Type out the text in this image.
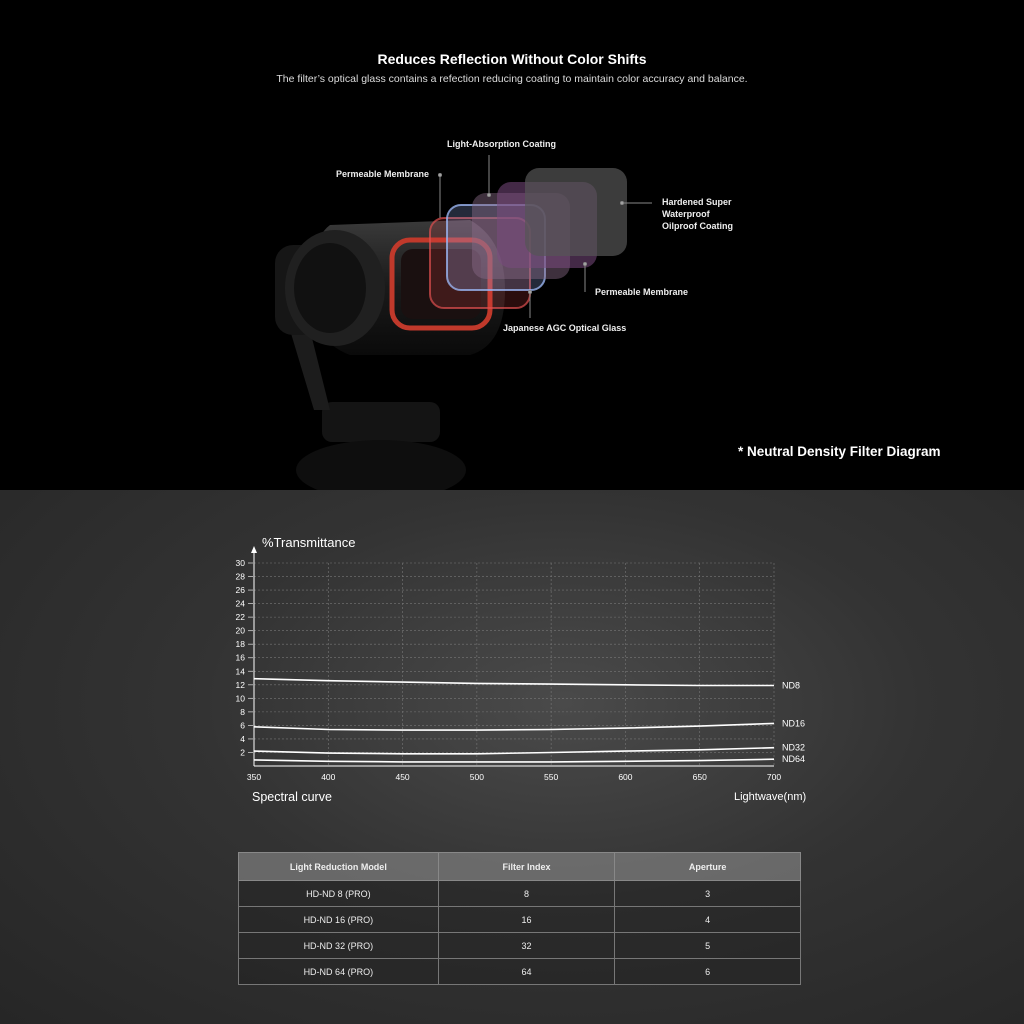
Reduces Reflection Without Color Shifts
The filter’s optical glass contains a refection reducing coating to maintain color accuracy and balance.
Light-Absorption Coating
Permeable Membrane
Hardened Super
Waterproof
Oilproof Coating
Permeable Membrane
Japanese AGC Optical Glass
* Neutral Density Filter Diagram
%Transmittance
2
4
6
8
10
12
14
16
18
20
22
24
26
28
30
350	400	450	500	550	600	650	700
ND8
ND16
ND32
ND64
Spectral curve	Lightwave(nm)
Light Reduction Model	Filter Index	Aperture
HD-ND 8 (PRO)	8	3
HD-ND 16 (PRO)	16	4
HD-ND 32 (PRO)	32	5
HD-ND 64 (PRO)	64	6
